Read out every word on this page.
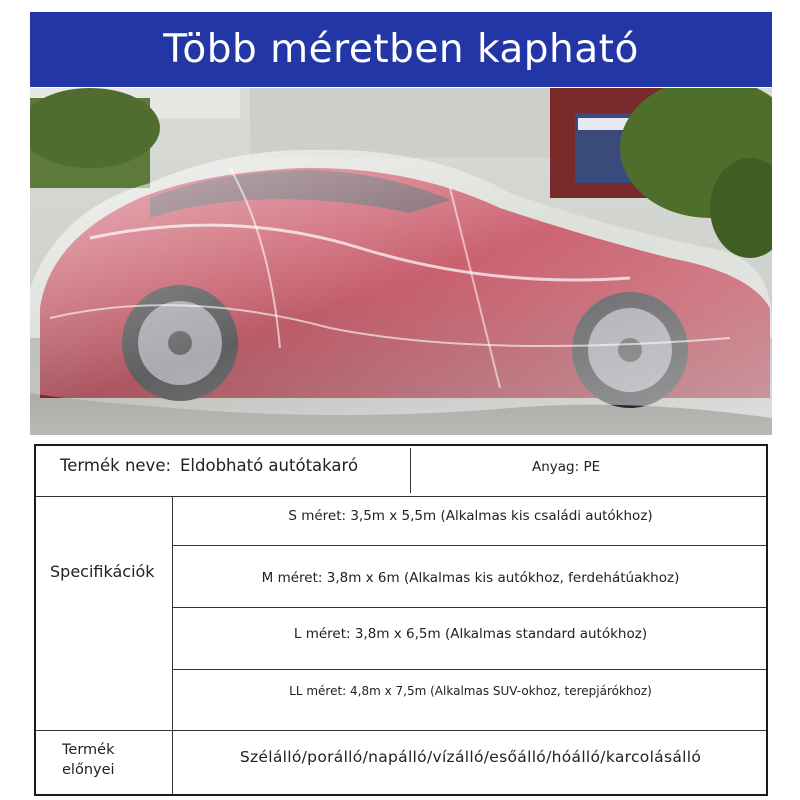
Több méretben kapható
Termék neve: Eldobható autótakaró	Anyag: PE
Specifikációk
S méret: 3,5m x 5,5m (Alkalmas kis családi autókhoz)
M méret: 3,8m x 6m (Alkalmas kis autókhoz, ferdehátúakhoz)
L méret: 3,8m x 6,5m (Alkalmas standard autókhoz)
LL méret: 4,8m x 7,5m (Alkalmas SUV-okhoz, terepjárókhoz)
Termék
előnyei
Szélálló/porálló/napálló/vízálló/esőálló/hóálló/karcolásálló
